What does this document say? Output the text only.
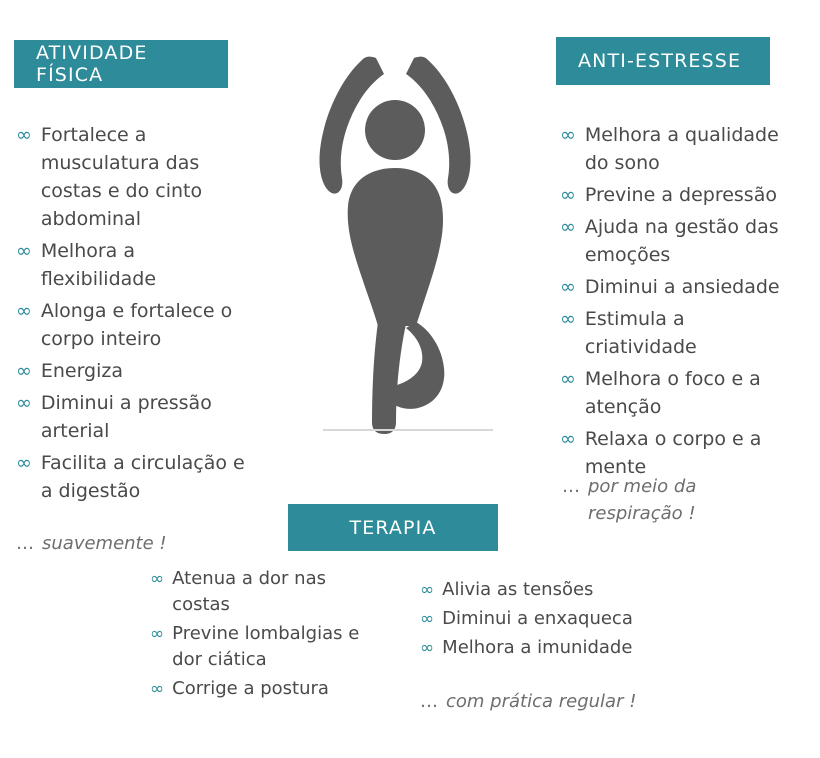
ATIVIDADE FÍSICA
ANTI-ESTRESSE
TERAPIA
∞ Fortalece a musculatura das costas e do cinto abdominal
∞ Melhora a flexibilidade
∞ Alonga e fortalece o corpo inteiro
∞ Energiza
∞ Diminui a pressão arterial
∞ Facilita a circulação e a digestão
… suavemente !
∞ Melhora a qualidade do sono
∞ Previne a depressão
∞ Ajuda na gestão das emoções
∞ Diminui a ansiedade
∞ Estimula a criatividade
∞ Melhora o foco e a atenção
∞ Relaxa o corpo e a mente
… por meio da respiração !
∞ Atenua a dor nas costas
∞ Previne lombalgias e dor ciática
∞ Corrige a postura
∞ Alivia as tensões
∞ Diminui a enxaqueca
∞ Melhora a imunidade
… com prática regular !
